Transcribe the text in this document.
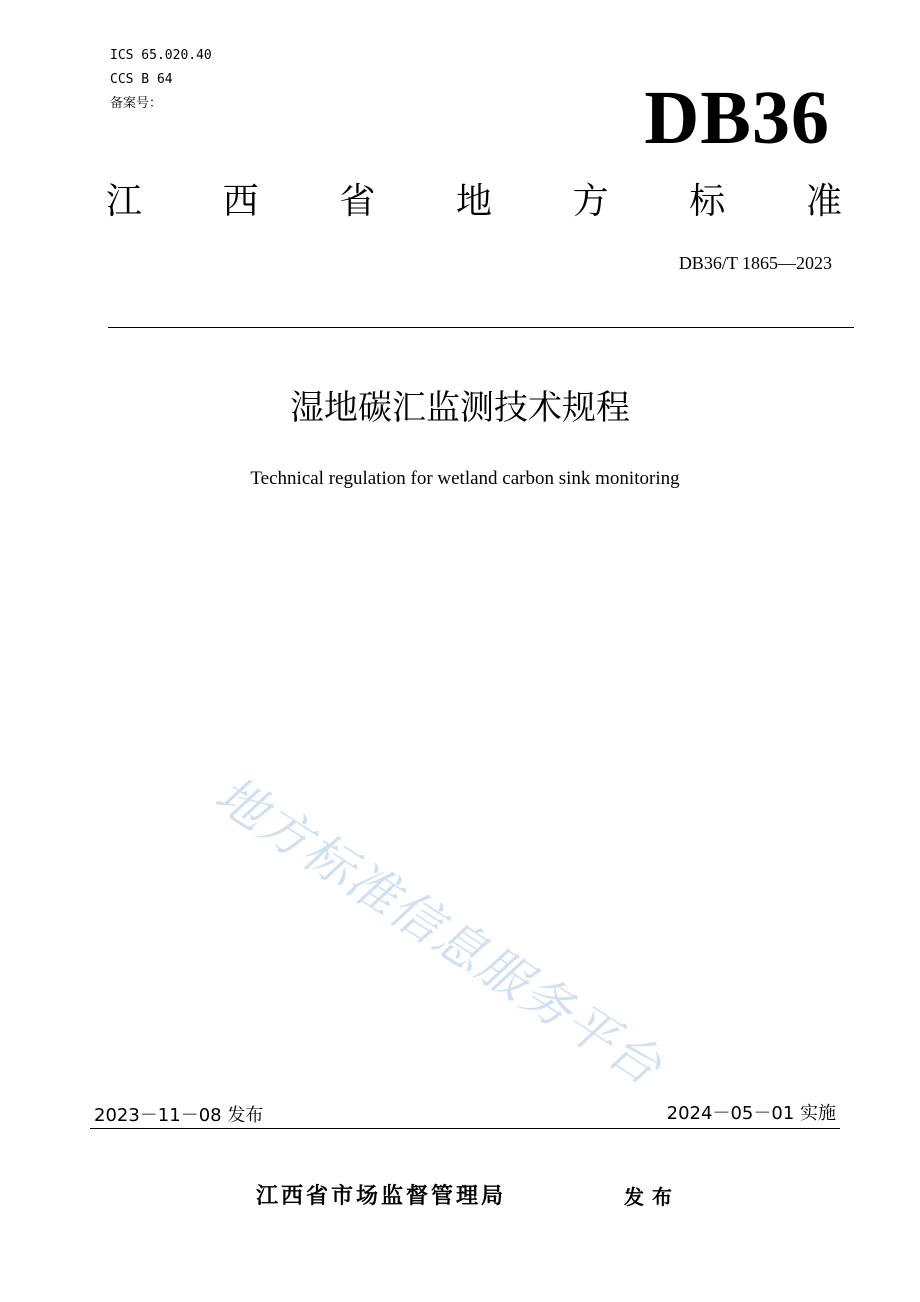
ICS 65.020.40
CCS B 64
备案号：	DB36
江 西 省 地 方 标 准
DB36/T 1865—2023
湿地碳汇监测技术规程
Technical regulation for wetland carbon sink monitoring
地方标准信息服务平台
2023－11－08 发布	2024－05－01 实施
江西省市场监督管理局	发布
